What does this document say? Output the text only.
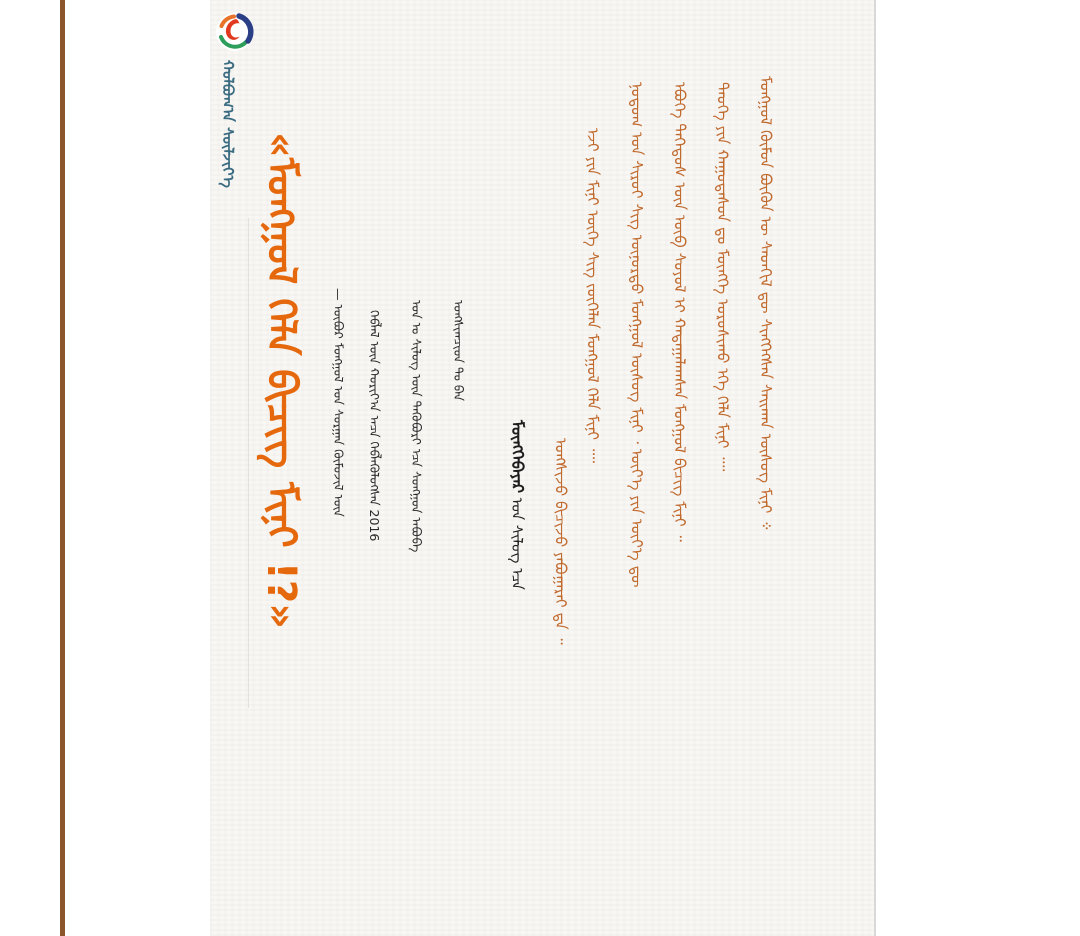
ᠬᠣᠯᠪᠣᠭ᠎ᠠ ᠰᠦᠯᠵᠢᠶ᠎ᠡ
«ᠮᠣᠩᠭᠣᠯ ᠬᠡᠯᠡ ᠪᠢᠴᠢᠭ ᠮᠢᠨᠢ !?» — ᠥᠪᠥᠷ ᠮᠣᠩᠭᠣᠯ ᠤᠨ ᠰᠤᠷᠭᠠᠨ ᠬᠦᠮᠦᠵᠢᠯ ᠦᠨ ᠬᠡᠪᠯᠡᠯ ᠦᠨ ᠬᠣᠷᠢᠶ᠎ᠠ ᠠᠴᠠ ᠬᠡᠪᠯᠡᠭᠦᠯᠦᠭᠰᠡᠨ 2016 ᠣᠨ ᠤ ᠰᠢᠯᠦᠭ ᠦᠨ ᠲᠡᠭᠦᠪᠦᠷᠢ ᠡᠴᠡ ᠰᠣᠩᠭᠣᠨ ᠠᠪᠤᠪᠠ ᠤᠩᠰᠢᠭᠴᠢᠳ ᠲᠤ ᠪᠠᠨ
ᠮᠥᠩᠬᠡᠪᠠᠶᠠᠷ ᠤᠨ ᠰᠢᠯᠦᠭ ᠡᠴᠡ ᠤᠩᠰᠢᠵᠤ ᠪᠢᠴᠢᠵᠦ ᠶᠠᠪᠤᠭᠠᠷᠠᠢ ᠳ᠋ᠠ ᠃
ᠡᠵᠢ ᠶᠢᠨ ᠮᠢᠨᠢ ᠦᠭᠡ ᠰᠢᠭ ᠵᠥᠭᠡᠯᠡᠨ ᠮᠣᠩᠭᠣᠯ ᠬᠡᠯᠡ ᠮᠢᠨᠢ ᠁ ᠨᠤᠲᠤᠭ ᠤᠨ ᠰᠢᠷᠣᠢ ᠰᠢᠭ ᠦᠨᠦᠷᠲᠦ ᠮᠣᠩᠭᠣᠯ ᠦᠰᠦᠭ ᠮᠢᠨᠢ ᠂ ᠦᠶ᠎ᠡ ᠶᠢᠨ ᠦᠶ᠎ᠡ ᠳᠦ ᠡᠪᠦᠭᠡ ᠳᠡᠭᠡᠳᠦᠰ ᠦᠨ ᠥᠪ ᠰᠣᠶᠣᠯ ᠢ ᠬᠠᠳᠠᠭᠠᠯᠠᠭᠰᠠᠨ ᠮᠣᠩᠭᠣᠯ ᠪᠢᠴᠢᠭ ᠮᠢᠨᠢ ᠃ ᠲᠡᠦᠬᠡ ᠶᠢᠨ ᠬᠠᠭᠤᠳᠠᠰᠤᠨ ᠳᠤ ᠮᠥᠩᠬᠡ ᠣᠷᠣᠰᠢᠬᠤ ᠡᠬᠡ ᠬᠡᠯᠡ ᠮᠢᠨᠢ ᠁ ᠮᠣᠩᠭᠣᠯ ᠬᠦᠮᠦᠨ ᠪᠦᠬᠦᠨ ᠦ ᠰᠡᠳᠬᠢᠯ ᠳᠦ ᠰᠢᠩᠭᠡᠭᠰᠡᠨ ᠰᠠᠢᠬᠠᠨ ᠦᠰᠦᠭ ᠮᠢᠨᠢ ᠅
